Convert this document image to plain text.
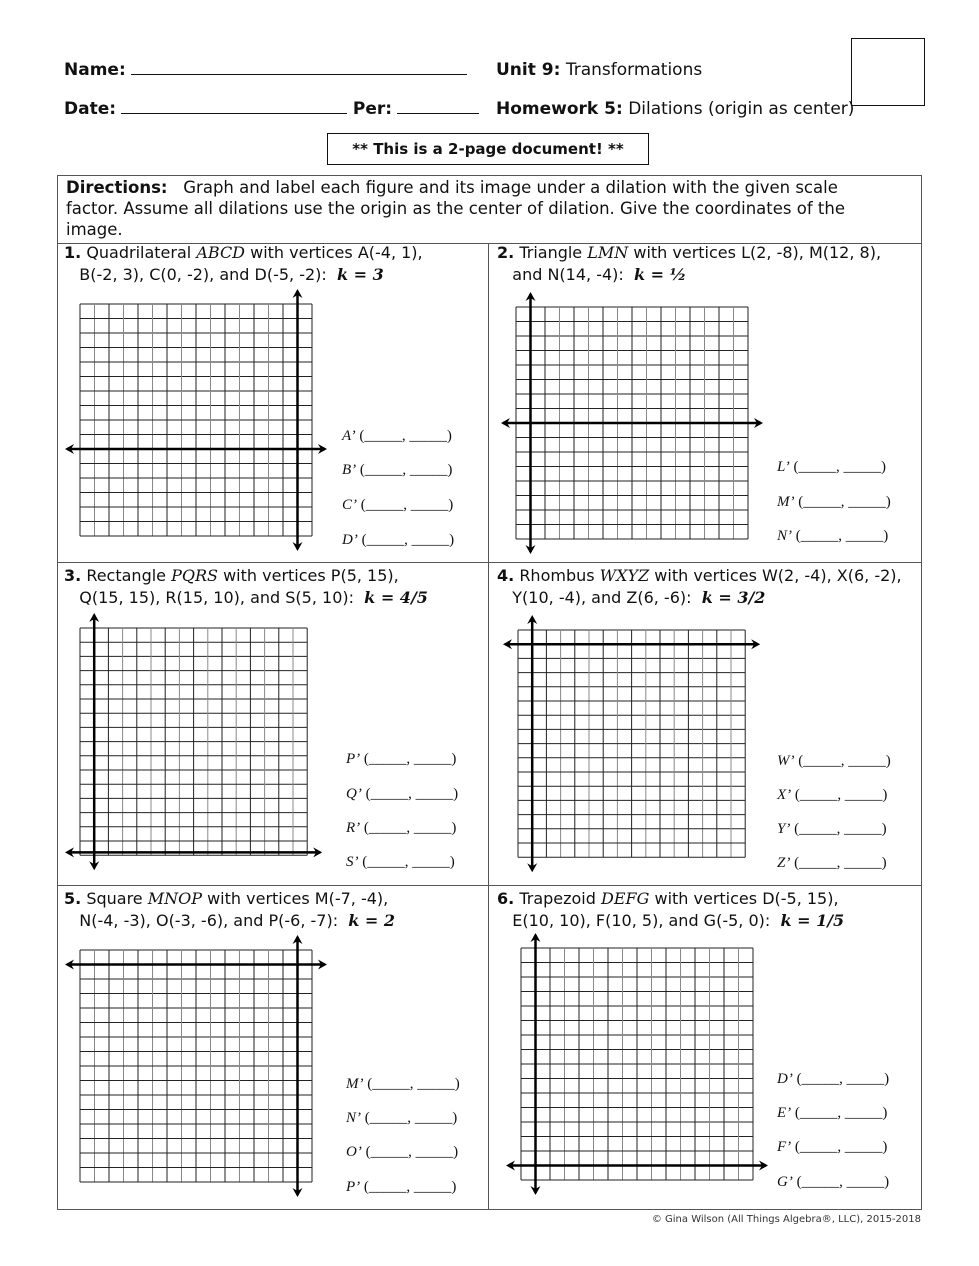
Name:
Date:	Per:
Unit 9: Transformations
Homework 5: Dilations (origin as center)
** This is a 2-page document! **
Directions: Graph and label each figure and its image under a dilation with the given scale factor. Assume all dilations use the origin as the center of dilation. Give the coordinates of the image.
1. Quadrilateral ABCD with vertices A(-4, 1),
B(-2, 3), C(0, -2), and D(-5, -2): k = 3
A’ (_____, _____)
B’ (_____, _____)
C’ (_____, _____)
D’ (_____, _____)
2. Triangle LMN with vertices L(2, -8), M(12, 8),
and N(14, -4): k = ½
L’ (_____, _____)
M’ (_____, _____)
N’ (_____, _____)
3. Rectangle PQRS with vertices P(5, 15),
Q(15, 15), R(15, 10), and S(5, 10): k = 4/5
P’ (_____, _____)
Q’ (_____, _____)
R’ (_____, _____)
S’ (_____, _____)
4. Rhombus WXYZ with vertices W(2, -4), X(6, -2),
Y(10, -4), and Z(6, -6): k = 3/2
W’ (_____, _____)
X’ (_____, _____)
Y’ (_____, _____)
Z’ (_____, _____)
5. Square MNOP with vertices M(-7, -4),
N(-4, -3), O(-3, -6), and P(-6, -7): k = 2
M’ (_____, _____)
N’ (_____, _____)
O’ (_____, _____)
P’ (_____, _____)
6. Trapezoid DEFG with vertices D(-5, 15),
E(10, 10), F(10, 5), and G(-5, 0): k = 1/5
D’ (_____, _____)
E’ (_____, _____)
F’ (_____, _____)
G’ (_____, _____)
© Gina Wilson (All Things Algebra®, LLC), 2015-2018
